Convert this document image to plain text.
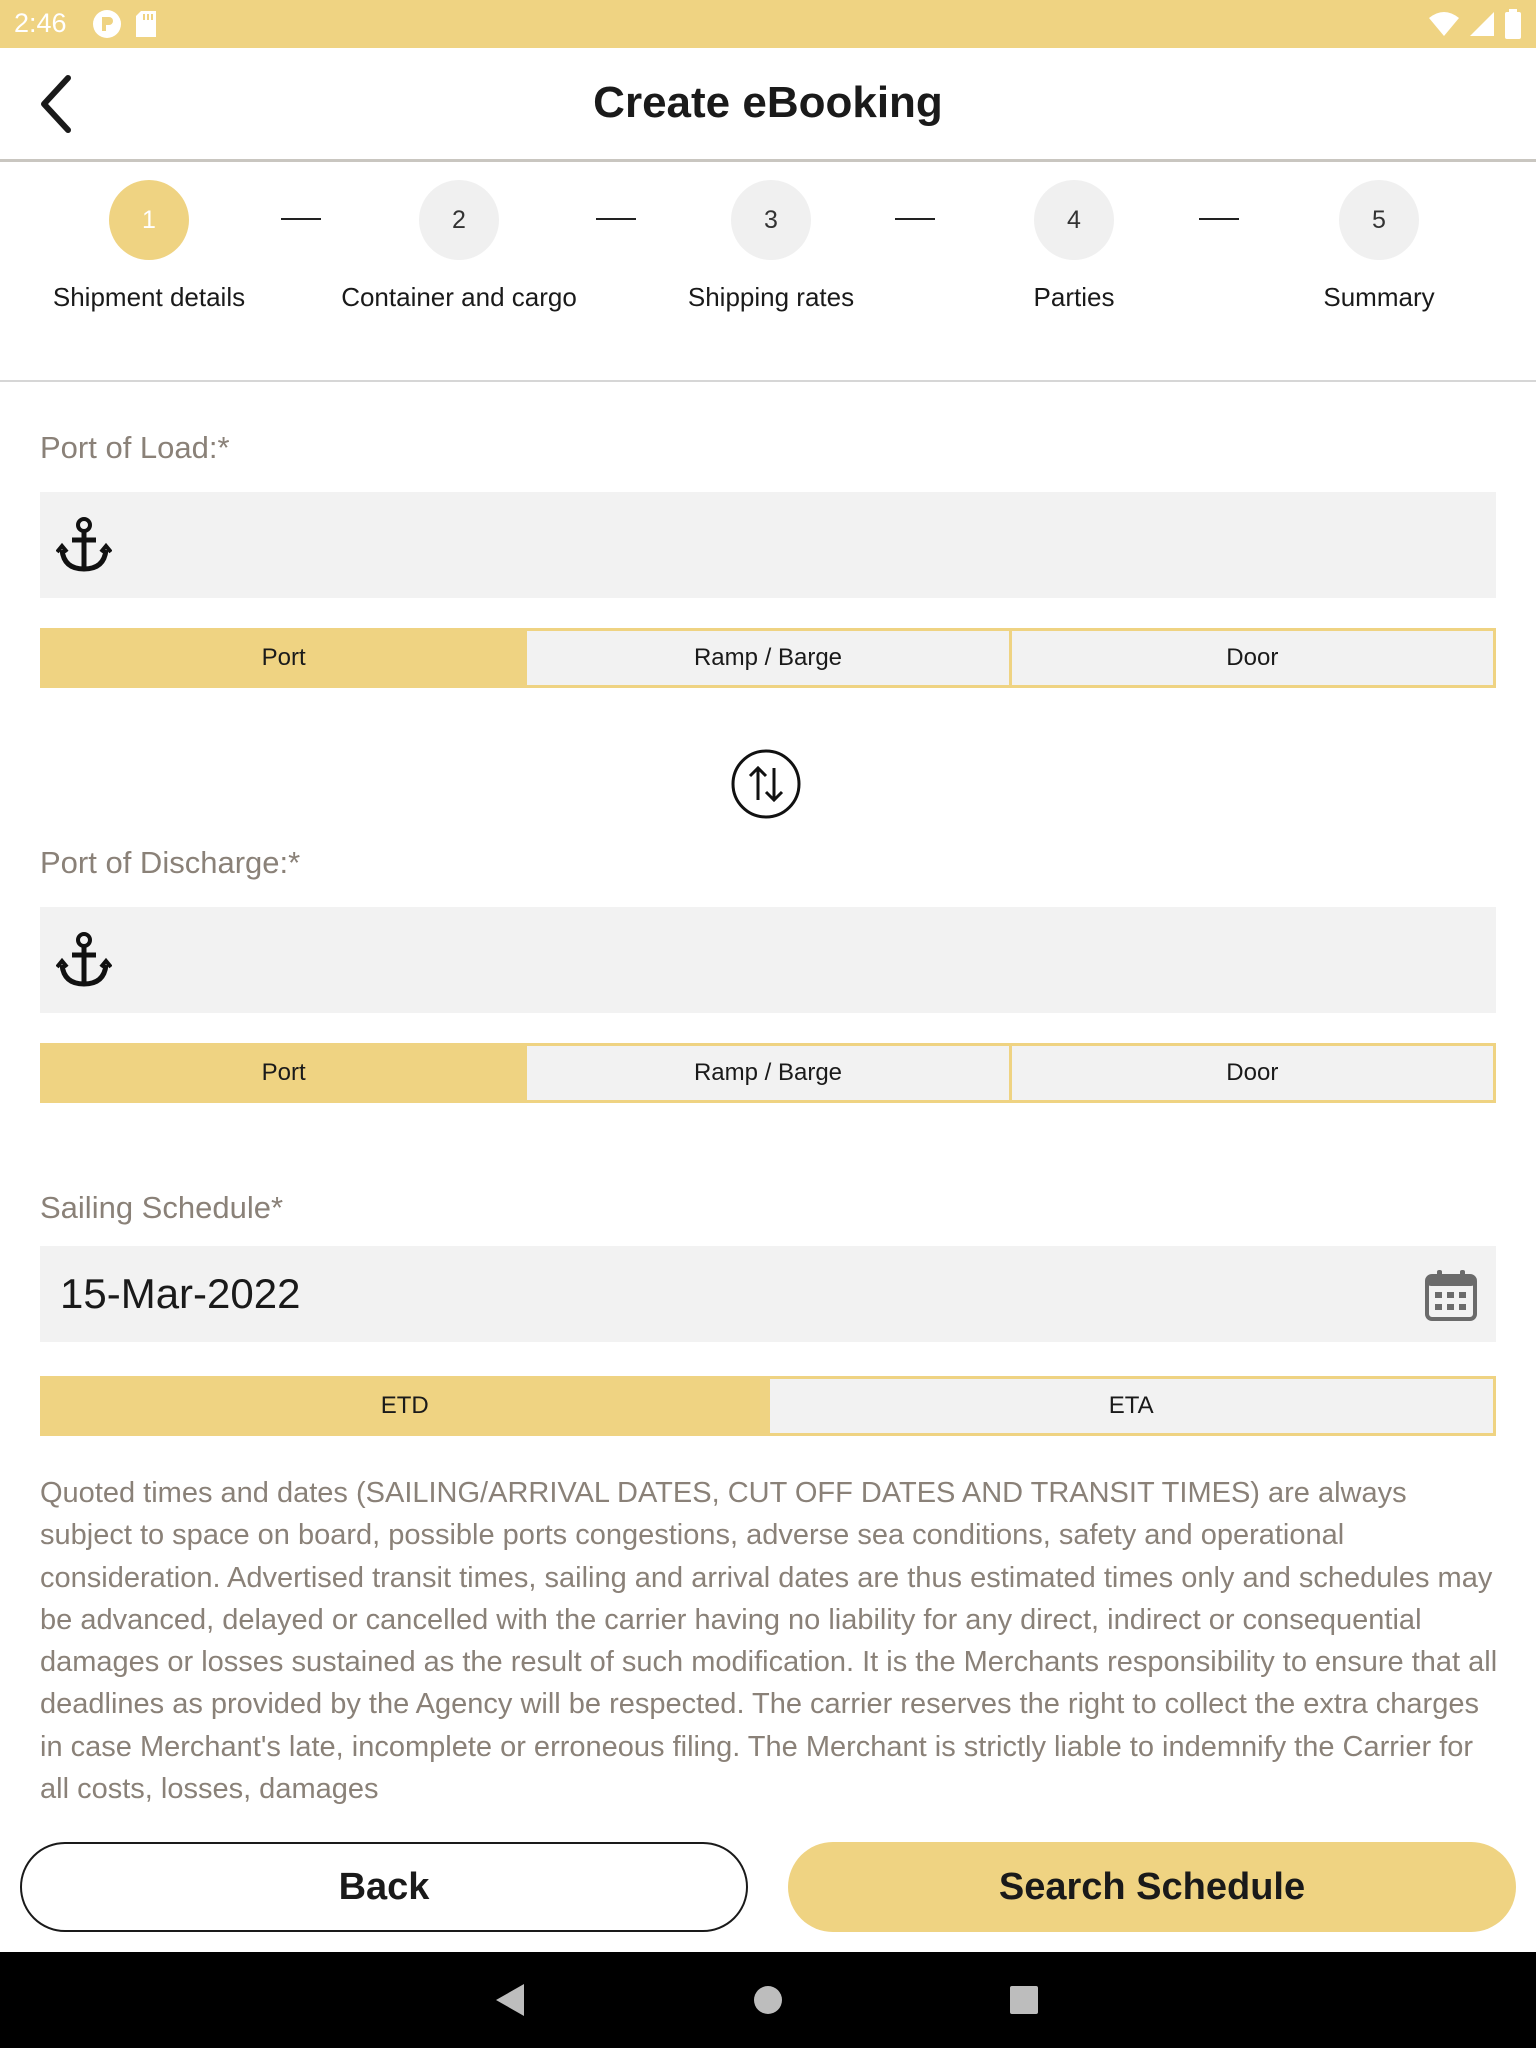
2:46
Create eBooking
1
Shipment details
2
Container and cargo
3
Shipping rates
4
Parties
5
Summary
Port of Load:*
Port	Ramp / Barge	Door
Port of Discharge:*
Port	Ramp / Barge	Door
Sailing Schedule*
15-Mar-2022
ETD	ETA
Quoted times and dates (SAILING/ARRIVAL DATES, CUT OFF DATES AND TRANSIT TIMES) are always subject to space on board, possible ports congestions, adverse sea conditions, safety and operational consideration. Advertised transit times, sailing and arrival dates are thus estimated times only and schedules may be advanced, delayed or cancelled with the carrier having no liability for any direct, indirect or consequential damages or losses sustained as the result of such modification. It is the Merchants responsibility to ensure that all deadlines as provided by the Agency will be respected. The carrier reserves the right to collect the extra charges in case Merchant's late, incomplete or erroneous filing. The Merchant is strictly liable to indemnify the Carrier for all costs, losses, damages
Back	Search Schedule
